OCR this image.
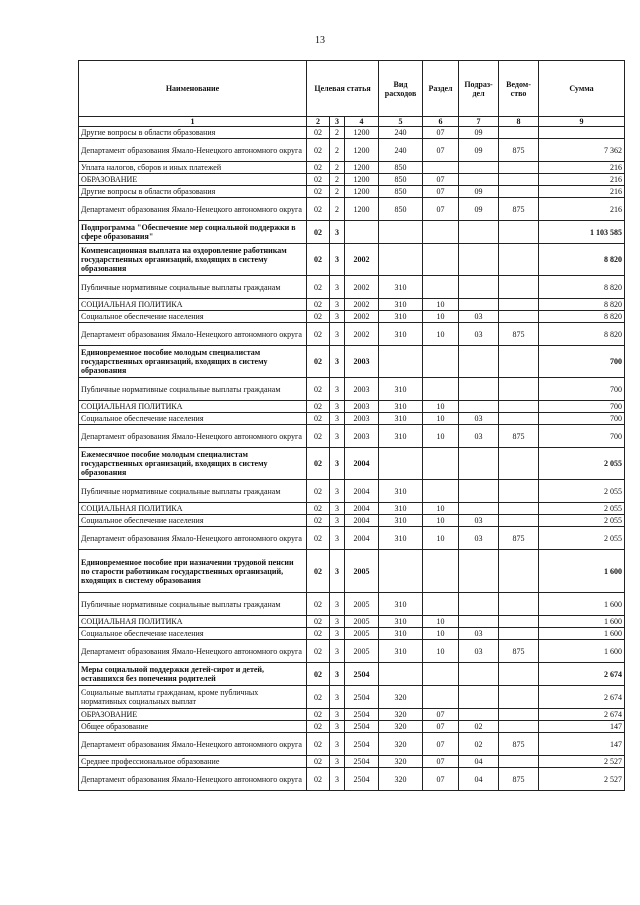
13
Наименование	Целевая статья			Вид расходов	Раздел	Подраз-дел	Ведом-ство	Сумма
1	2	3	4	5	6	7	8	9
Другие вопросы в области образования	02	2	1200	240	07	09		
Департамент образования Ямало-Ненецкого автономного округа	02	2	1200	240	07	09	875	7 362
Уплата налогов, сборов и иных платежей	02	2	1200	850				216
ОБРАЗОВАНИЕ	02	2	1200	850	07			216
Другие вопросы в области образования	02	2	1200	850	07	09		216
Департамент образования Ямало-Ненецкого автономного округа	02	2	1200	850	07	09	875	216
Подпрограмма "Обеспечение мер социальной поддержки в сфере образования"	02	3						1 103 585
Компенсационная выплата на оздоровление работникам государственных организаций, входящих в систему образования	02	3	2002					8 820
Публичные нормативные социальные выплаты гражданам	02	3	2002	310				8 820
СОЦИАЛЬНАЯ ПОЛИТИКА	02	3	2002	310	10			8 820
Социальное обеспечение населения	02	3	2002	310	10	03		8 820
Департамент образования Ямало-Ненецкого автономного округа	02	3	2002	310	10	03	875	8 820
Единовременное пособие молодым специалистам государственных организаций, входящих в систему образования	02	3	2003					700
Публичные нормативные социальные выплаты гражданам	02	3	2003	310				700
СОЦИАЛЬНАЯ ПОЛИТИКА	02	3	2003	310	10			700
Социальное обеспечение населения	02	3	2003	310	10	03		700
Департамент образования Ямало-Ненецкого автономного округа	02	3	2003	310	10	03	875	700
Ежемесячное пособие молодым специалистам государственных организаций, входящих в систему образования	02	3	2004					2 055
Публичные нормативные социальные выплаты гражданам	02	3	2004	310				2 055
СОЦИАЛЬНАЯ ПОЛИТИКА	02	3	2004	310	10			2 055
Социальное обеспечение населения	02	3	2004	310	10	03		2 055
Департамент образования Ямало-Ненецкого автономного округа	02	3	2004	310	10	03	875	2 055
Единовременное пособие при назначении трудовой пенсии по старости работникам государственных организаций, входящих в систему образования	02	3	2005					1 600
Публичные нормативные социальные выплаты гражданам	02	3	2005	310				1 600
СОЦИАЛЬНАЯ ПОЛИТИКА	02	3	2005	310	10			1 600
Социальное обеспечение населения	02	3	2005	310	10	03		1 600
Департамент образования Ямало-Ненецкого автономного округа	02	3	2005	310	10	03	875	1 600
Меры социальной поддержки детей-сирот и детей, оставшихся без попечения родителей	02	3	2504					2 674
Социальные выплаты гражданам, кроме публичных нормативных социальных выплат	02	3	2504	320				2 674
ОБРАЗОВАНИЕ	02	3	2504	320	07			2 674
Общее образование	02	3	2504	320	07	02		147
Департамент образования Ямало-Ненецкого автономного округа	02	3	2504	320	07	02	875	147
Среднее профессиональное образование	02	3	2504	320	07	04		2 527
Департамент образования Ямало-Ненецкого автономного округа	02	3	2504	320	07	04	875	2 527
